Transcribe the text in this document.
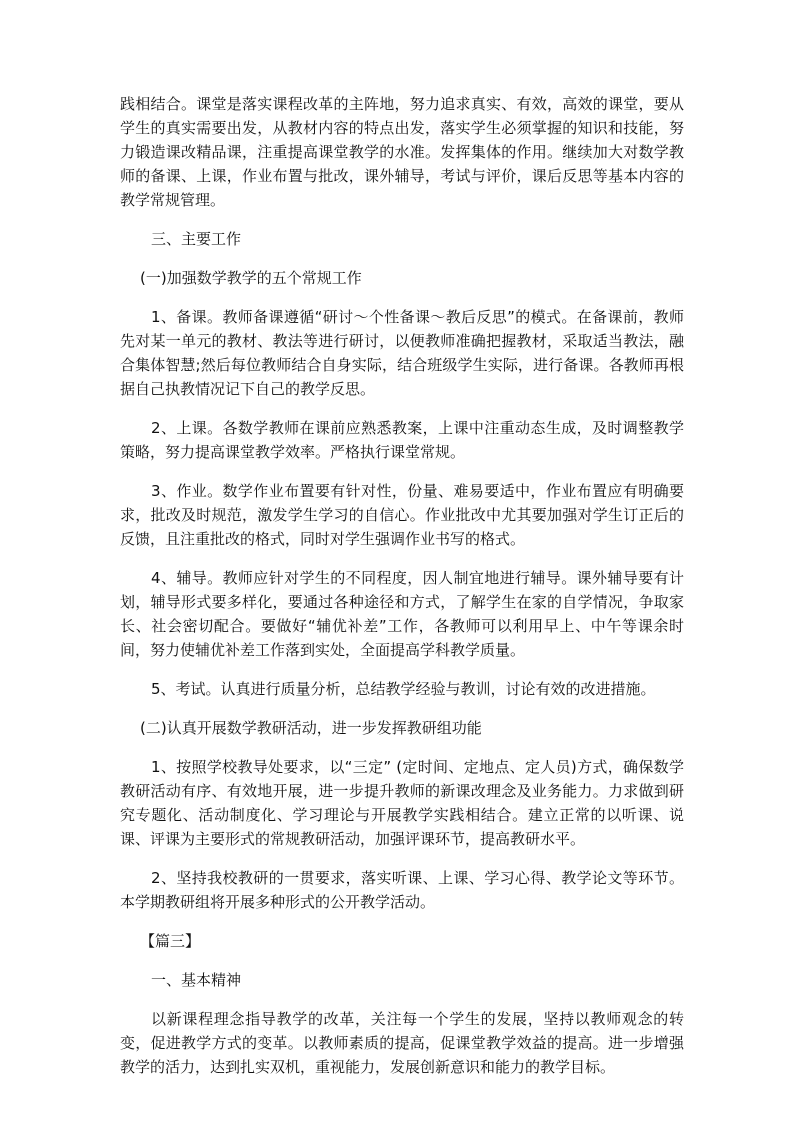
践相结合。课堂是落实课程改革的主阵地，努力追求真实、有效，高效的课堂，要从学生的真实需要出发，从教材内容的特点出发，落实学生必须掌握的知识和技能，努力锻造课改精品课，注重提高课堂教学的水准。发挥集体的作用。继续加大对数学教师的备课、上课，作业布置与批改，课外辅导，考试与评价，课后反思等基本内容的教学常规管理。

三、主要工作

(一)加强数学教学的五个常规工作

1、备课。教师备课遵循“研讨～个性备课～教后反思”的模式。在备课前，教师先对某一单元的教材、教法等进行研讨，以便教师准确把握教材，采取适当教法，融合集体智慧;然后每位教师结合自身实际，结合班级学生实际，进行备课。各教师再根据自己执教情况记下自己的教学反思。

2、上课。各数学教师在课前应熟悉教案，上课中注重动态生成，及时调整教学策略，努力提高课堂教学效率。严格执行课堂常规。

3、作业。数学作业布置要有针对性，份量、难易要适中，作业布置应有明确要求，批改及时规范，激发学生学习的自信心。作业批改中尤其要加强对学生订正后的反馈，且注重批改的格式，同时对学生强调作业书写的格式。

4、辅导。教师应针对学生的不同程度，因人制宜地进行辅导。课外辅导要有计划，辅导形式要多样化，要通过各种途径和方式，了解学生在家的自学情况，争取家长、社会密切配合。要做好“辅优补差”工作，各教师可以利用早上、中午等课余时间，努力使辅优补差工作落到实处，全面提高学科教学质量。

5、考试。认真进行质量分析，总结教学经验与教训，讨论有效的改进措施。

(二)认真开展数学教研活动，进一步发挥教研组功能

1、按照学校教导处要求，以“三定” (定时间、定地点、定人员)方式，确保数学教研活动有序、有效地开展，进一步提升教师的新课改理念及业务能力。力求做到研究专题化、活动制度化、学习理论与开展教学实践相结合。建立正常的以听课、说课、评课为主要形式的常规教研活动，加强评课环节，提高教研水平。

2、坚持我校教研的一贯要求，落实听课、上课、学习心得、教学论文等环节。本学期教研组将开展多种形式的公开教学活动。

【篇三】

一、基本精神

以新课程理念指导教学的改革，关注每一个学生的发展，坚持以教师观念的转变，促进教学方式的变革。以教师素质的提高，促课堂教学效益的提高。进一步增强教学的活力，达到扎实双机，重视能力，发展创新意识和能力的教学目标。
